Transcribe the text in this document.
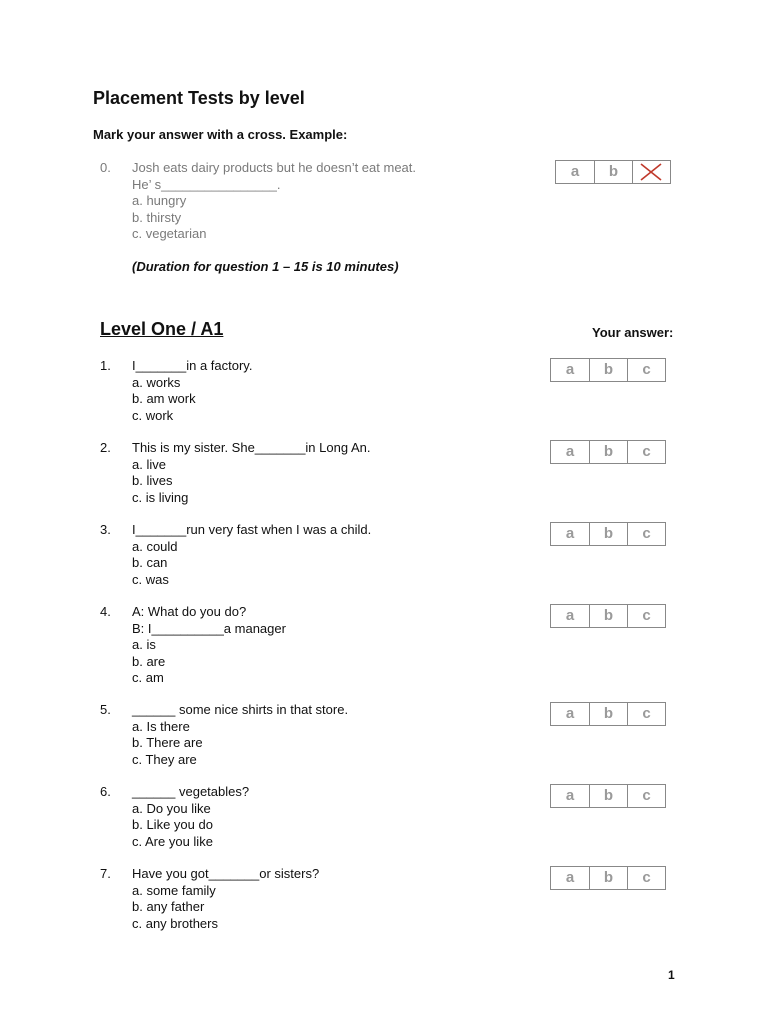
Placement Tests by level
Mark your answer with a cross. Example:
0. Josh eats dairy products but he doesn’t eat meat.
He’ s________________.
a. hungry
b. thirsty
c. vegetarian
a	b
(Duration for question 1 – 15 is 10 minutes)
Level One / A1	Your answer:
1. I_______in a factory.
a. works
b. am work
c. work
a	b	c
2. This is my sister. She_______in Long An.
a. live
b. lives
c. is living
a	b	c
3. I_______run very fast when I was a child.
a. could
b. can
c. was
a	b	c
4. A: What do you do?
B: I__________a manager
a. is
b. are
c. am
a	b	c
5. ______ some nice shirts in that store.
a. Is there
b. There are
c. They are
a	b	c
6. ______ vegetables?
a. Do you like
b. Like you do
c. Are you like
a	b	c
7. Have you got_______or sisters?
a. some family
b. any father
c. any brothers
a	b	c
1
